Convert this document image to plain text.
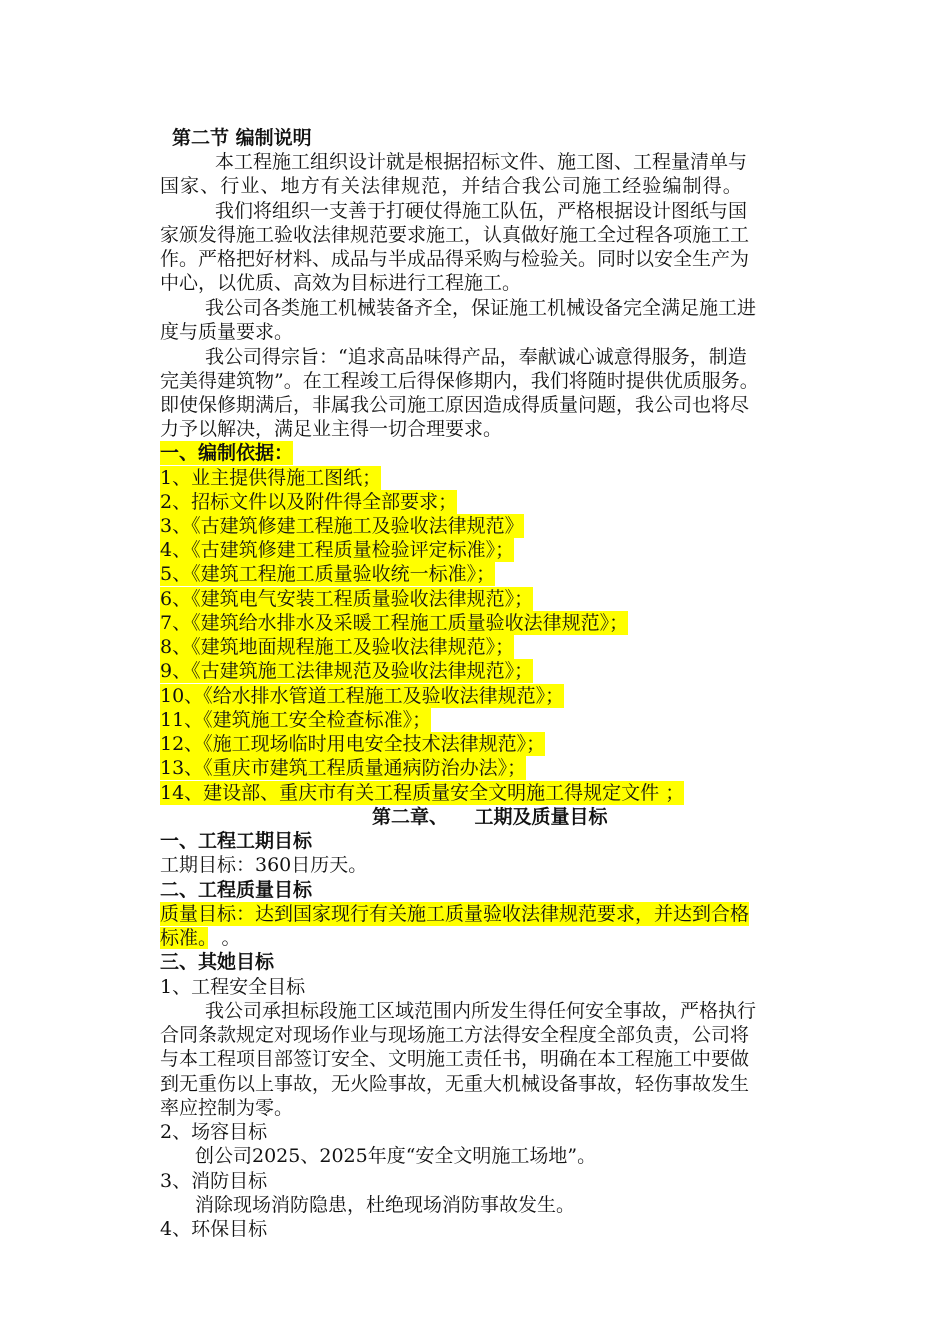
第二节 编制说明
本工程施工组织设计就是根据招标文件、施工图、工程量清单与
国家、行业、地方有关法律规范，并结合我公司施工经验编制得。
我们将组织一支善于打硬仗得施工队伍，严格根据设计图纸与国
家颁发得施工验收法律规范要求施工，认真做好施工全过程各项施工工
作。严格把好材料、成品与半成品得采购与检验关。同时以安全生产为
中心，以优质、高效为目标进行工程施工。
我公司各类施工机械装备齐全，保证施工机械设备完全满足施工进
度与质量要求。
我公司得宗旨：“追求高品味得产品，奉献诚心诚意得服务，制造
完美得建筑物”。在工程竣工后得保修期内，我们将随时提供优质服务。
即使保修期满后，非属我公司施工原因造成得质量问题，我公司也将尽
力予以解决，满足业主得一切合理要求。
一、编制依据：
1、业主提供得施工图纸；
2、招标文件以及附件得全部要求；
3、《古建筑修建工程施工及验收法律规范》
4、《古建筑修建工程质量检验评定标准》；
5、《建筑工程施工质量验收统一标准》；
6、《建筑电气安装工程质量验收法律规范》；
7、《建筑给水排水及采暖工程施工质量验收法律规范》；
8、《建筑地面规程施工及验收法律规范》；
9、《古建筑施工法律规范及验收法律规范》；
10、《给水排水管道工程施工及验收法律规范》；
11、《建筑施工安全检查标准》；
12、《施工现场临时用电安全技术法律规范》；
13、《重庆市建筑工程质量通病防治办法》；
14、建设部、重庆市有关工程质量安全文明施工得规定文件 ；
第二章、    工期及质量目标
一、工程工期目标
工期目标：360日历天。
二、工程质量目标
质量目标：达到国家现行有关施工质量验收法律规范要求，并达到合格
标准。 。
三、其她目标
1、工程安全目标
我公司承担标段施工区域范围内所发生得任何安全事故，严格执行
合同条款规定对现场作业与现场施工方法得安全程度全部负责，公司将
与本工程项目部签订安全、文明施工责任书，明确在本工程施工中要做
到无重伤以上事故，无火险事故，无重大机械设备事故，轻伤事故发生
率应控制为零。
2、场容目标
创公司2025、2025年度“安全文明施工场地”。
3、消防目标
消除现场消防隐患，杜绝现场消防事故发生。
4、环保目标
